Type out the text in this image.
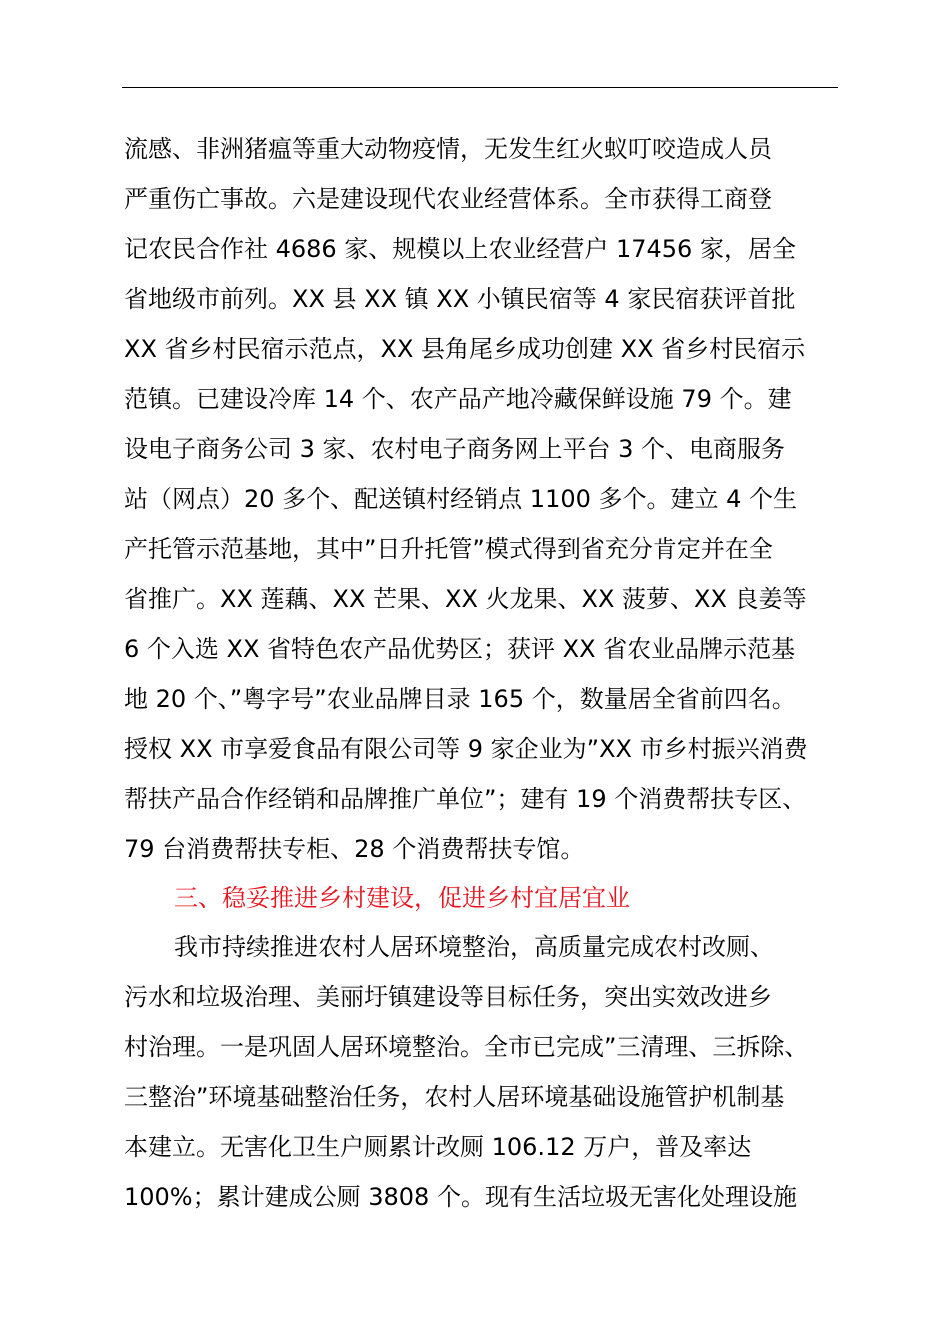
流感、非洲猪瘟等重大动物疫情，无发生红火蚁叮咬造成人员
严重伤亡事故。六是建设现代农业经营体系。全市获得工商登
记农民合作社 4686 家、规模以上农业经营户 17456 家，居全
省地级市前列。XX 县 XX 镇 XX 小镇民宿等 4 家民宿获评首批
XX 省乡村民宿示范点，XX 县角尾乡成功创建 XX 省乡村民宿示
范镇。已建设冷库 14 个、农产品产地冷藏保鲜设施 79 个。建
设电子商务公司 3 家、农村电子商务网上平台 3 个、电商服务
站（网点）20 多个、配送镇村经销点 1100 多个。建立 4 个生
产托管示范基地，其中”日升托管”模式得到省充分肯定并在全
省推广。XX 莲藕、XX 芒果、XX 火龙果、XX 菠萝、XX 良姜等
6 个入选 XX 省特色农产品优势区；获评 XX 省农业品牌示范基
地 20 个、”粤字号”农业品牌目录 165 个，数量居全省前四名。
授权 XX 市享爱食品有限公司等 9 家企业为”XX 市乡村振兴消费
帮扶产品合作经销和品牌推广单位”；建有 19 个消费帮扶专区、
79 台消费帮扶专柜、28 个消费帮扶专馆。
三、稳妥推进乡村建设，促进乡村宜居宜业
我市持续推进农村人居环境整治，高质量完成农村改厕、
污水和垃圾治理、美丽圩镇建设等目标任务，突出实效改进乡
村治理。一是巩固人居环境整治。全市已完成”三清理、三拆除、
三整治”环境基础整治任务，农村人居环境基础设施管护机制基
本建立。无害化卫生户厕累计改厕 106.12 万户，普及率达
100%；累计建成公厕 3808 个。现有生活垃圾无害化处理设施
